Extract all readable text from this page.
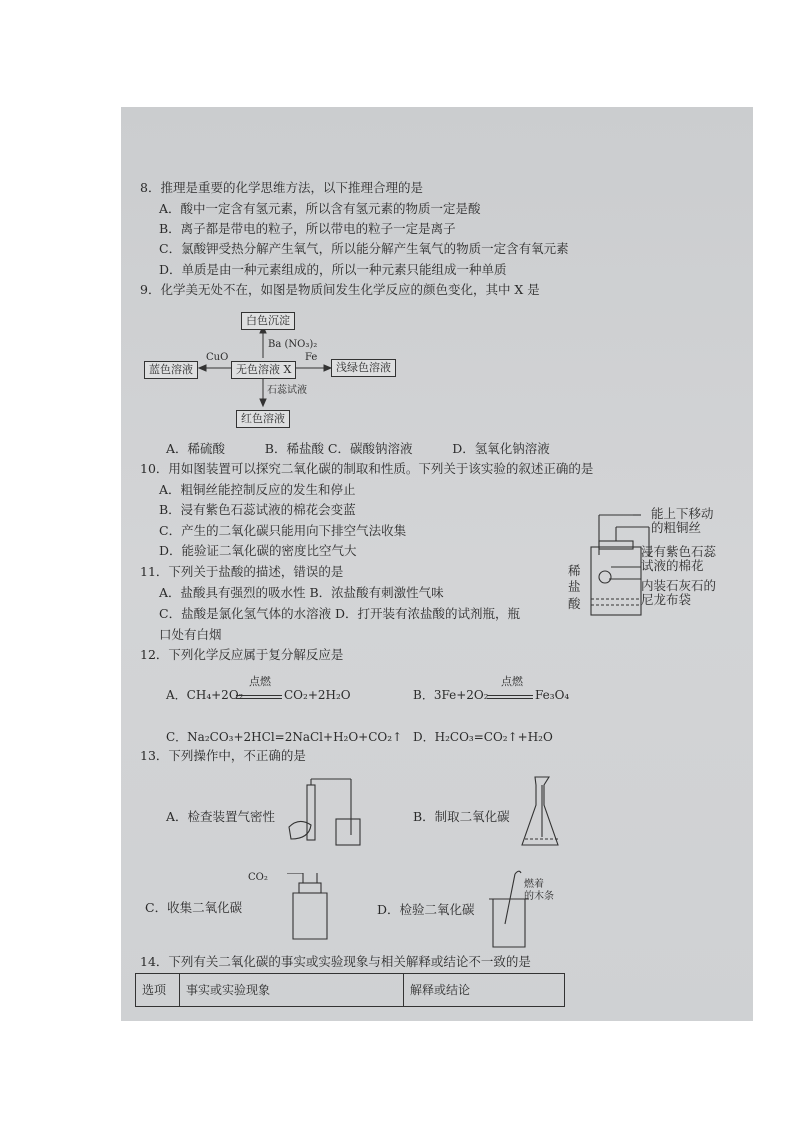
8．推理是重要的化学思维方法，以下推理合理的是
A．酸中一定含有氢元素，所以含有氢元素的物质一定是酸
B．离子都是带电的粒子，所以带电的粒子一定是离子
C．氯酸钾受热分解产生氧气，所以能分解产生氧气的物质一定含有氧元素
D．单质是由一种元素组成的，所以一种元素只能组成一种单质
9．化学美无处不在，如图是物质间发生化学反应的颜色变化，其中 X 是
白色沉淀
无色溶液 X
蓝色溶液	浅绿色溶液
红色溶液
Ba (NO₃)₂
CuO	Fe
石蕊试液
A．稀硫酸          B．稀盐酸 C．碳酸钠溶液          D．氢氧化钠溶液
10．用如图装置可以探究二氧化碳的制取和性质。下列关于该实验的叙述正确的是
A．粗铜丝能控制反应的发生和停止
B．浸有紫色石蕊试液的棉花会变蓝
C．产生的二氧化碳只能用向下排空气法收集
D．能验证二氧化碳的密度比空气大
能上下移动
的粗铜丝
浸有紫色石蕊
试液的棉花
内装石灰石的
尼龙布袋
稀
盐
酸
11．下列关于盐酸的描述，错误的是
A．盐酸具有强烈的吸水性 B．浓盐酸有刺激性气味
C．盐酸是氯化氢气体的水溶液 D．打开装有浓盐酸的试剂瓶，瓶
口处有白烟
12．下列化学反应属于复分解反应是
A．CH₄+2O₂
点燃
CO₂+2H₂O	B．3Fe+2O₂
点燃
Fe₃O₄
C．Na₂CO₃+2HCl=2NaCl+H₂O+CO₂↑ D．H₂CO₃=CO₂↑+H₂O
13．下列操作中，不正确的是
A．检查装置气密性	B．制取二氧化碳
C．收集二氧化碳	D．检验二氧化碳
CO₂
燃着
的木条
14．下列有关二氧化碳的事实或实验现象与相关解释或结论不一致的是
选项	事实或实验现象	解释或结论
